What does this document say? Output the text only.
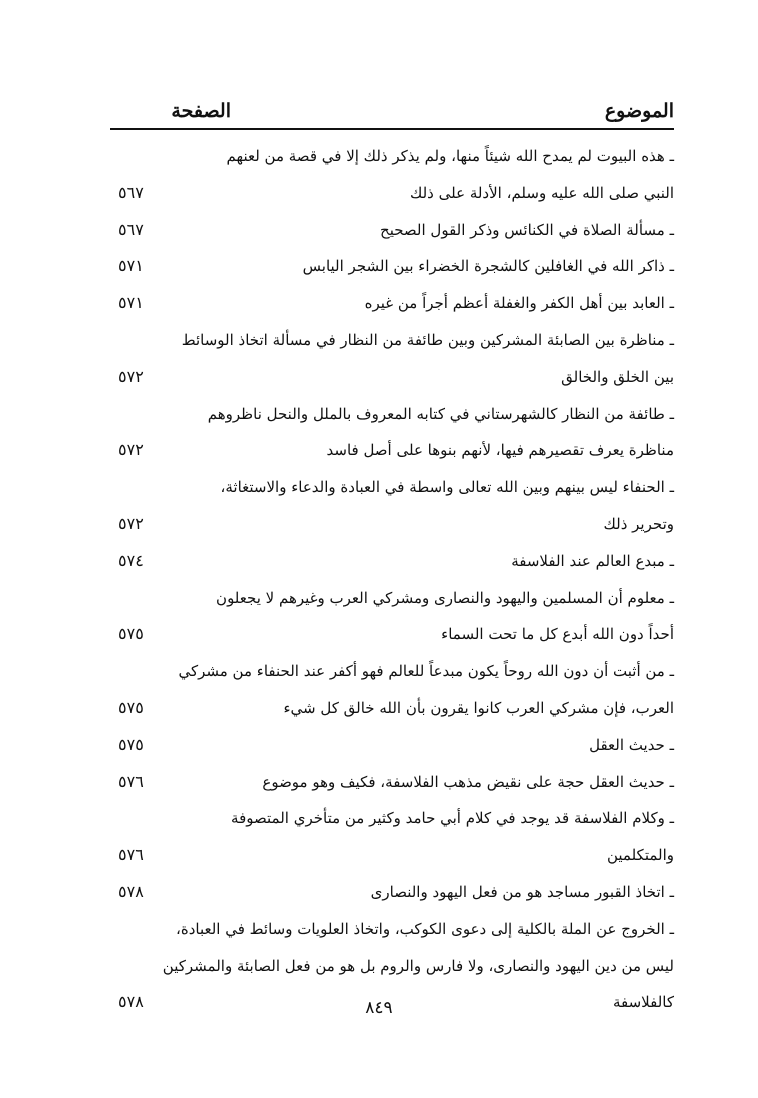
الموضوع
الصفحة
ـ هذه البيوت لم يمدح الله شيئاً منها، ولم يذكر ذلك إلا في قصة من لعنهم
النبي صلى الله عليه وسلم، الأدلة على ذلك
٥٦٧
ـ مسألة الصلاة في الكنائس وذكر القول الصحيح
٥٦٧
ـ ذاكر الله في الغافلين كالشجرة الخضراء بين الشجر اليابس
٥٧١
ـ العابد بين أهل الكفر والغفلة أعظم أجراً من غيره
٥٧١
ـ مناظرة بين الصابئة المشركين وبين طائفة من النظار في مسألة اتخاذ الوسائط
بين الخلق والخالق
٥٧٢
ـ طائفة من النظار كالشهرستاني في كتابه المعروف بالملل والنحل ناظروهم
مناظرة يعرف تقصيرهم فيها، لأنهم بنوها على أصل فاسد
٥٧٢
ـ الحنفاء ليس بينهم وبين الله تعالى واسطة في العبادة والدعاء والاستغاثة،
وتحرير ذلك
٥٧٢
ـ مبدع العالم عند الفلاسفة
٥٧٤
ـ معلوم أن المسلمين واليهود والنصارى ومشركي العرب وغيرهم لا يجعلون
أحداً دون الله أبدع كل ما تحت السماء
٥٧٥
ـ من أثبت أن دون الله روحاً يكون مبدعاً للعالم فهو أكفر عند الحنفاء من مشركي
العرب، فإن مشركي العرب كانوا يقرون بأن الله خالق كل شيء
٥٧٥
ـ حديث العقل
٥٧٥
ـ حديث العقل حجة على نقيض مذهب الفلاسفة، فكيف وهو موضوع
٥٧٦
ـ وكلام الفلاسفة قد يوجد في كلام أبي حامد وكثير من متأخري المتصوفة
والمتكلمين
٥٧٦
ـ اتخاذ القبور مساجد هو من فعل اليهود والنصارى
٥٧٨
ـ الخروج عن الملة بالكلية إلى دعوى الكوكب، واتخاذ العلويات وسائط في العبادة،
ليس من دين اليهود والنصارى، ولا فارس والروم بل هو من فعل الصابئة والمشركين
كالفلاسفة
٥٧٨	٨٤٩
